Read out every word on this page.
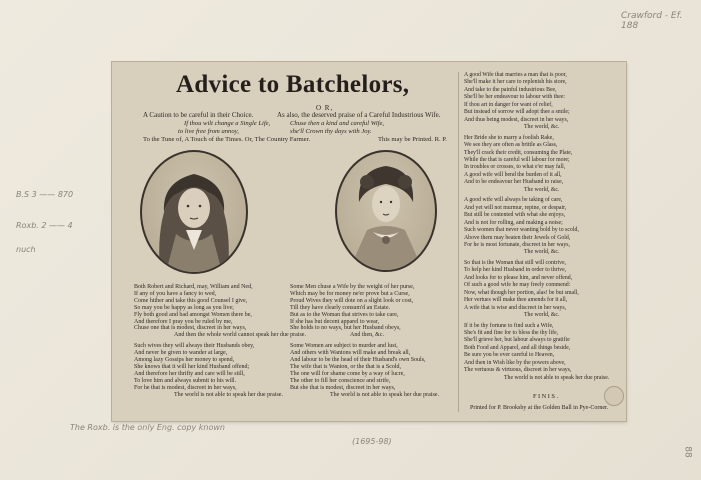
Crawford - Ef. 188
B.S 3 —— 870
Roxb. 2 —— 4
nuch
The Roxb. is the only Eng. copy known
(1695-98)
88
Advice to Batchelors,
O R,
A Caution to be careful in their Choice.	As also, the deserved praise of a Careful Industrious Wife.
If thou wilt change a Single Life,
to live free from annoy,
Chuse then a kind and careful Wife,
she'll Crown thy days with Joy.
To the Tune of, A Touch of the Times. Or, The Country Farmer.	This may be Printed. R. P.
Both Robert and Richard, may, William and Ned,
If any of you have a fancy to wed,
Come hither and take this good Counsel I give,
So may you be happy as long as you live;
Fly both good and bad amongst Women there be,
And therefore I pray you be ruled by me,
Chuse one that is modest, discreet in her ways,
And then the whole world cannot speak her due praise.
Such wives they will always their Husbands obey,
And never be given to wander at large,
Among lazy Gossips her money to spend,
She knows that it will her kind Husband offend;
And therefore her thrifty and care will be still,
To love him and always submit to his will.
For he that is modest, discreet in her ways,
The world is not able to speak her due praise.
Some Men chuse a Wife by the weight of her purse,
Which may be for money ne'er prove but a Curse,
Proud Wives they will dote on a slight look or cost,
Till they have clearly consum'd an Estate.
But as to the Woman that strives to take care,
If she has but decent apparel to wear,
She holds to no ways, but her Husband obeys,
And then, &c.
Some Women are subject to murder and lust,
And others with Wantons will make and break all,
And labour to be the head of their Husband's own Souls,
The wife that is Wanton, or the that is a Scold,
The one will for shame come by a way of lucre,
The other to fill her conscience and strife,
But she that is modest, discreet in her ways,
The world is not able to speak her due praise.
A good Wife that marries a man that is poor,
She'll make it her care to replenish his store,
And take to the painful industrious Bee,
She'll be her endeavour to labour with thee:
If thou art in danger for want of relief,
But instead of sorrow will adopt thee a smile;
And thus being modest, discreet in her ways,
The world, &c.
Her Bride she to marry a foolish Rake,
We see they are often as brittle as Glass,
They'll crack their credit, consuming the Plate,
While the that is careful will labour for more;
In troubles or crosses, to what e'er may fall,
A good wife will bend the burden of it all,
And to be endeavour her Husband to raise,
The world, &c.
A good wife will always be taking of care,
And yet will not murmur, repine, or despair,
But still be contented with what she enjoys,
And is not for rolling, and making a noise;
Such women that never wanting bold by to scold,
Above them may beaten their Jewels of Gold,
For he is most fortunate, discreet in her ways,
The world, &c.
So that is the Woman that still will contrive,
To help her kind Husband in order to thrive,
And looks for to please him, and never offend,
Of such a good wife he may freely commend:
Now, what though her portion, alas! be but small,
Her vertues will make thee amends for it all,
A wife that is wise and discreet in her ways,
The world, &c.
If it be thy fortune to find such a Wife,
She's fit and fine for to bless the thy life,
She'll grieve her, but labour always to gratifie
Both Food and Apparel, and all things beside,
Be sure you be ever careful to Heaven,
And then in Wish like by the powers above,
The vertuous & virtuous, discreet in her ways,
The world is not able to speak her due praise.
FINIS.
Printed for P. Brooksby at the Golden Ball in Pye-Corner.
